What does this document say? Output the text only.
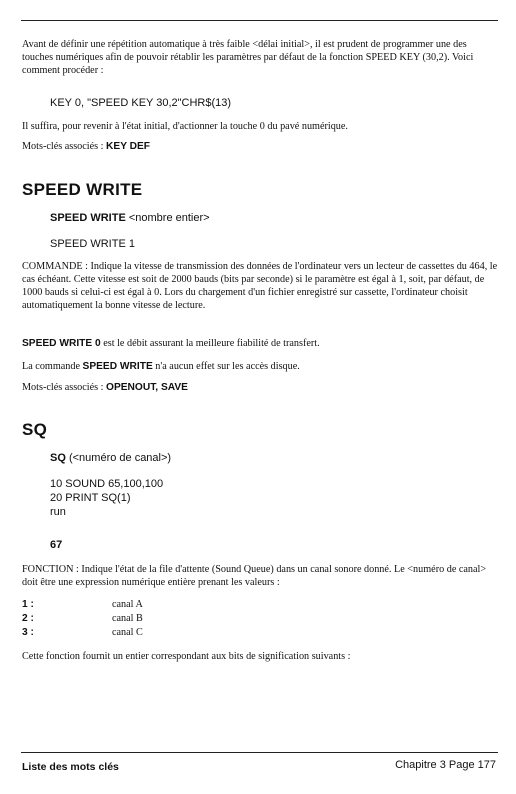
Avant de définir une répétition automatique à très faible <délai initial>, il est prudent de programmer une des touches numériques afin de pouvoir rétablir les paramètres par défaut de la fonction SPEED KEY (30,2). Voici comment procéder :

KEY 0, "SPEED KEY 30,2"CHR$(13)

Il suffira, pour revenir à l'état initial, d'actionner la touche 0 du pavé numérique.

Mots-clés associés : KEY DEF

SPEED WRITE
SPEED WRITE <nombre entier>
SPEED WRITE 1

COMMANDE : Indique la vitesse de transmission des données de l'ordinateur vers un lecteur de cassettes du 464, le cas échéant. Cette vitesse est soit de 2000 bauds (bits par seconde) si le paramètre est égal à 1, soit, par défaut, de 1000 bauds si celui-ci est égal à 0. Lors du chargement d'un fichier enregistré sur cassette, l'ordinateur choisit automatiquement la bonne vitesse de lecture.

SPEED WRITE 0 est le débit assurant la meilleure fiabilité de transfert.

La commande SPEED WRITE n'a aucun effet sur les accès disque.

Mots-clés associés : OPENOUT, SAVE

SQ
SQ (<numéro de canal>)
10 SOUND 65,100,100
20 PRINT SQ(1)
run
67

FONCTION : Indique l'état de la file d'attente (Sound Queue) dans un canal sonore donné. Le <numéro de canal> doit être une expression numérique entière prenant les valeurs :

1 :	canal A
2 :	canal B
3 :	canal C

Cette fonction fournit un entier correspondant aux bits de signification suivants :

Liste des mots clés	Chapitre 3 Page 177
